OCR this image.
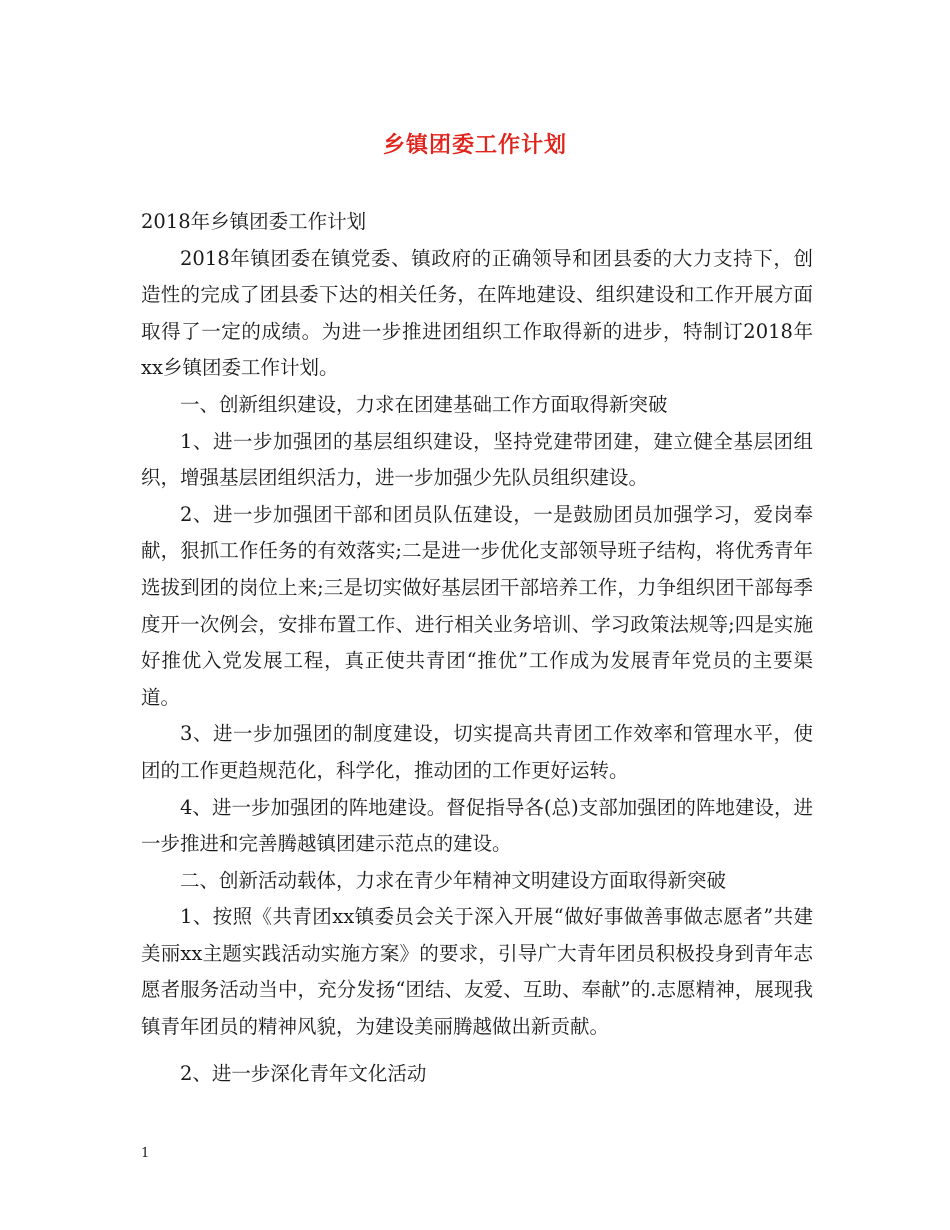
乡镇团委工作计划

2018年乡镇团委工作计划

2018年镇团委在镇党委、镇政府的正确领导和团县委的大力支持下，创造性的完成了团县委下达的相关任务，在阵地建设、组织建设和工作开展方面取得了一定的成绩。为进一步推进团组织工作取得新的进步，特制订2018年xx乡镇团委工作计划。

一、创新组织建设，力求在团建基础工作方面取得新突破

1、进一步加强团的基层组织建设，坚持党建带团建，建立健全基层团组织，增强基层团组织活力，进一步加强少先队员组织建设。

2、进一步加强团干部和团员队伍建设，一是鼓励团员加强学习，爱岗奉献，狠抓工作任务的有效落实;二是进一步优化支部领导班子结构，将优秀青年选拔到团的岗位上来;三是切实做好基层团干部培养工作，力争组织团干部每季度开一次例会，安排布置工作、进行相关业务培训、学习政策法规等;四是实施好推优入党发展工程，真正使共青团“推优”工作成为发展青年党员的主要渠道。

3、进一步加强团的制度建设，切实提高共青团工作效率和管理水平，使团的工作更趋规范化，科学化，推动团的工作更好运转。

4、进一步加强团的阵地建设。督促指导各(总)支部加强团的阵地建设，进一步推进和完善腾越镇团建示范点的建设。

二、创新活动载体，力求在青少年精神文明建设方面取得新突破

1、按照《共青团xx镇委员会关于深入开展“做好事做善事做志愿者”共建美丽xx主题实践活动实施方案》的要求，引导广大青年团员积极投身到青年志愿者服务活动当中，充分发扬“团结、友爱、互助、奉献”的.志愿精神，展现我镇青年团员的精神风貌，为建设美丽腾越做出新贡献。

2、进一步深化青年文化活动

1
